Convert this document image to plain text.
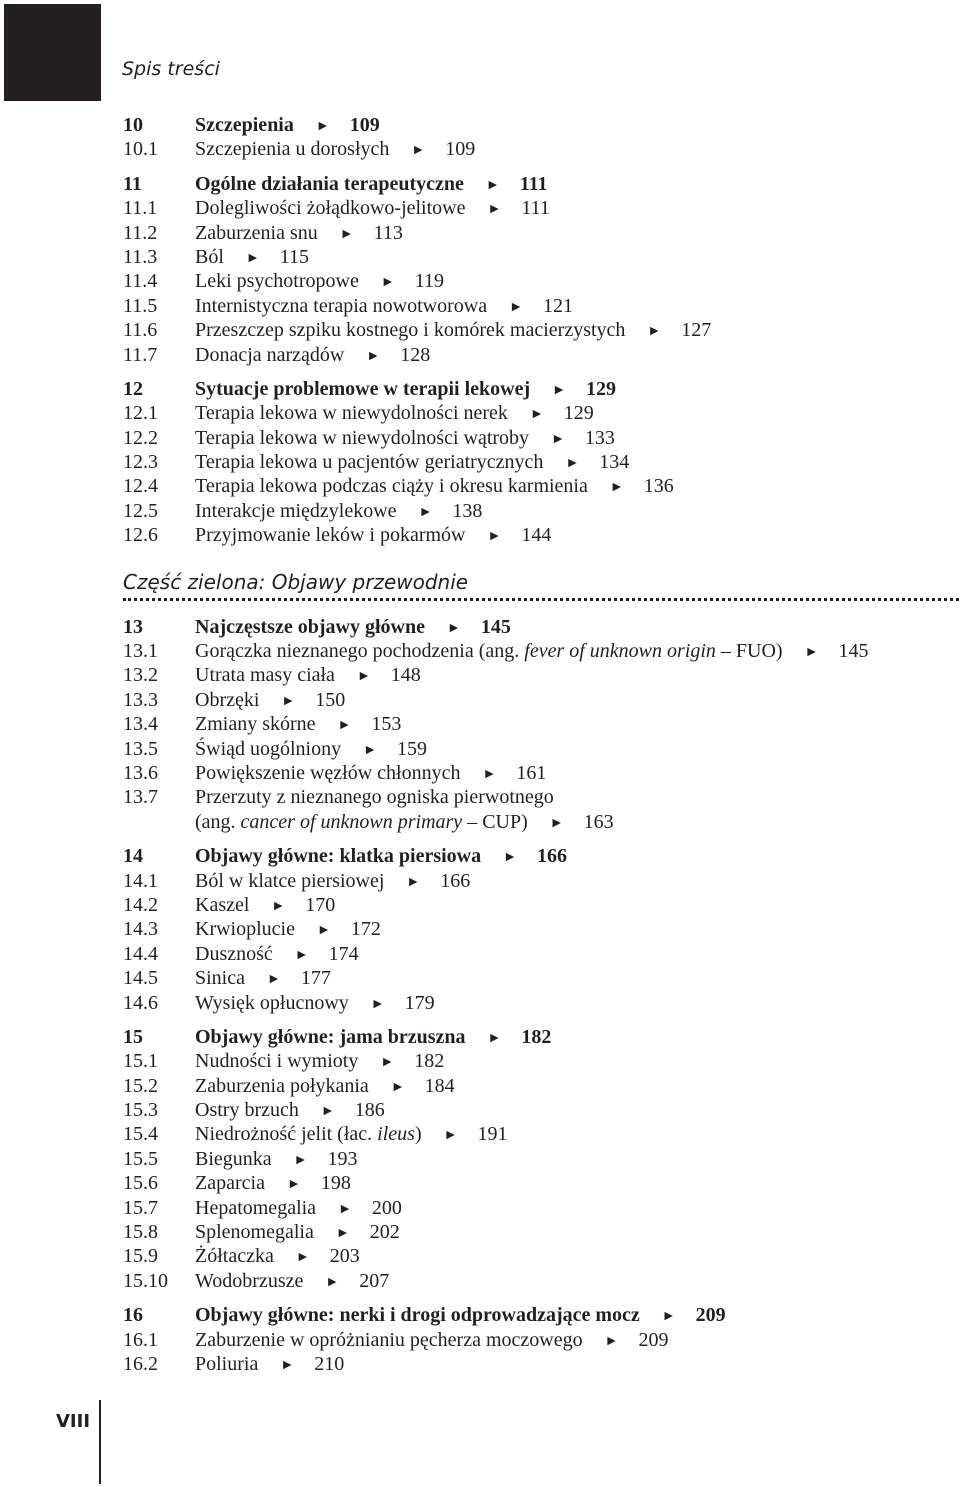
Spis treści
10	Szczepienia ► 109
10.1 Szczepienia u dorosłych ► 109
11	Ogólne działania terapeutyczne ► 111
11.1 Dolegliwości żołądkowo-jelitowe ► 111
11.2 Zaburzenia snu ► 113
11.3 Ból ► 115
11.4 Leki psychotropowe ► 119
11.5 Internistyczna terapia nowotworowa ► 121
11.6 Przeszczep szpiku kostnego i komórek macierzystych ► 127
11.7 Donacja narządów ► 128
12	Sytuacje problemowe w terapii lekowej ► 129
12.1 Terapia lekowa w niewydolności nerek ► 129
12.2 Terapia lekowa w niewydolności wątroby ► 133
12.3 Terapia lekowa u pacjentów geriatrycznych ► 134
12.4 Terapia lekowa podczas ciąży i okresu karmienia ► 136
12.5 Interakcje międzylekowe ► 138
12.6 Przyjmowanie leków i pokarmów ► 144
Część zielona: Objawy przewodnie
13	Najczęstsze objawy główne ► 145
13.1 Gorączka nieznanego pochodzenia (ang. fever of unknown origin – FUO) ► 145
13.2 Utrata masy ciała ► 148
13.3 Obrzęki ► 150
13.4 Zmiany skórne ► 153
13.5 Świąd uogólniony ► 159
13.6 Powiększenie węzłów chłonnych ► 161
13.7 Przerzuty z nieznanego ogniska pierwotnego
(ang. cancer of unknown primary – CUP) ► 163
14	Objawy główne: klatka piersiowa ► 166
14.1 Ból w klatce piersiowej ► 166
14.2 Kaszel ► 170
14.3 Krwioplucie ► 172
14.4 Duszność ► 174
14.5 Sinica ► 177
14.6 Wysięk opłucnowy ► 179
15	Objawy główne: jama brzuszna ► 182
15.1 Nudności i wymioty ► 182
15.2 Zaburzenia połykania ► 184
15.3 Ostry brzuch ► 186
15.4 Niedrożność jelit (łac. ileus) ► 191
15.5 Biegunka ► 193
15.6 Zaparcia ► 198
15.7 Hepatomegalia ► 200
15.8 Splenomegalia ► 202
15.9 Żółtaczka ► 203
15.10 Wodobrzusze ► 207
16	Objawy główne: nerki i drogi odprowadzające mocz ► 209
16.1 Zaburzenie w opróżnianiu pęcherza moczowego ► 209
16.2 Poliuria ► 210
VIII
